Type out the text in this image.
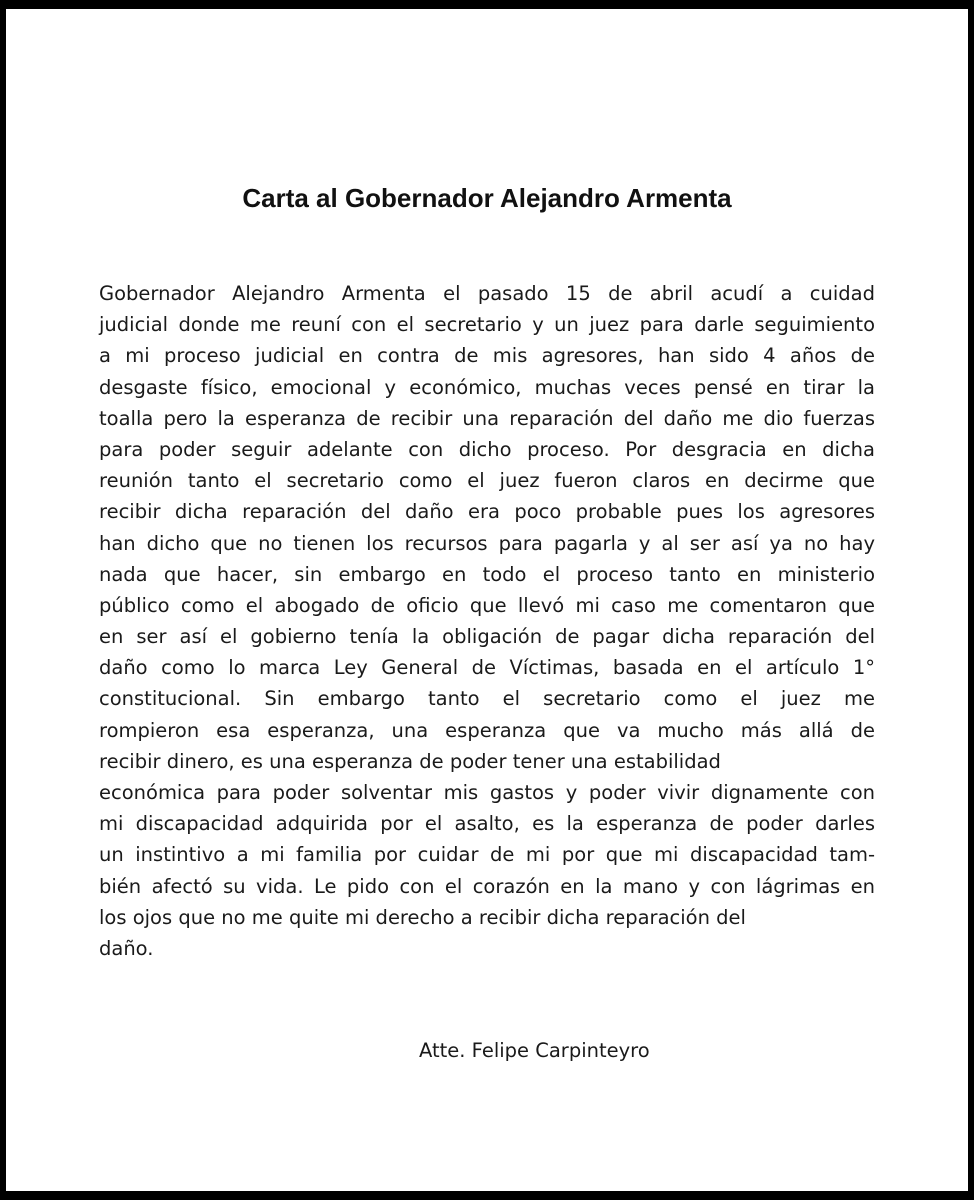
Carta al Gobernador Alejandro Armenta
Gobernador Alejandro Armenta el pasado 15 de abril acudí a cuidad
judicial donde me reuní con el secretario y un juez para darle seguimiento
a mi proceso judicial en contra de mis agresores, han sido 4 años de
desgaste físico, emocional y económico, muchas veces pensé en tirar la
toalla pero la esperanza de recibir una reparación del daño me dio fuerzas
para poder seguir adelante con dicho proceso. Por desgracia en dicha
reunión tanto el secretario como el juez fueron claros en decirme que
recibir dicha reparación del daño era poco probable pues los agresores
han dicho que no tienen los recursos para pagarla y al ser así ya no hay
nada que hacer, sin embargo en todo el proceso tanto en ministerio
público como el abogado de oficio que llevó mi caso me comentaron que
en ser así el gobierno tenía la obligación de pagar dicha reparación del
daño como lo marca Ley General de Víctimas, basada en el artículo 1°
constitucional. Sin embargo tanto el secretario como el juez me
rompieron esa esperanza, una esperanza que va mucho más allá de
recibir dinero, es una esperanza de poder tener una estabilidad
económica para poder solventar mis gastos y poder vivir dignamente con
mi discapacidad adquirida por el asalto, es la esperanza de poder darles
un instintivo a mi familia por cuidar de mi por que mi discapacidad tam-
bién afectó su vida. Le pido con el corazón en la mano y con lágrimas en
los ojos que no me quite mi derecho a recibir dicha reparación del
daño.
Atte. Felipe Carpinteyro
